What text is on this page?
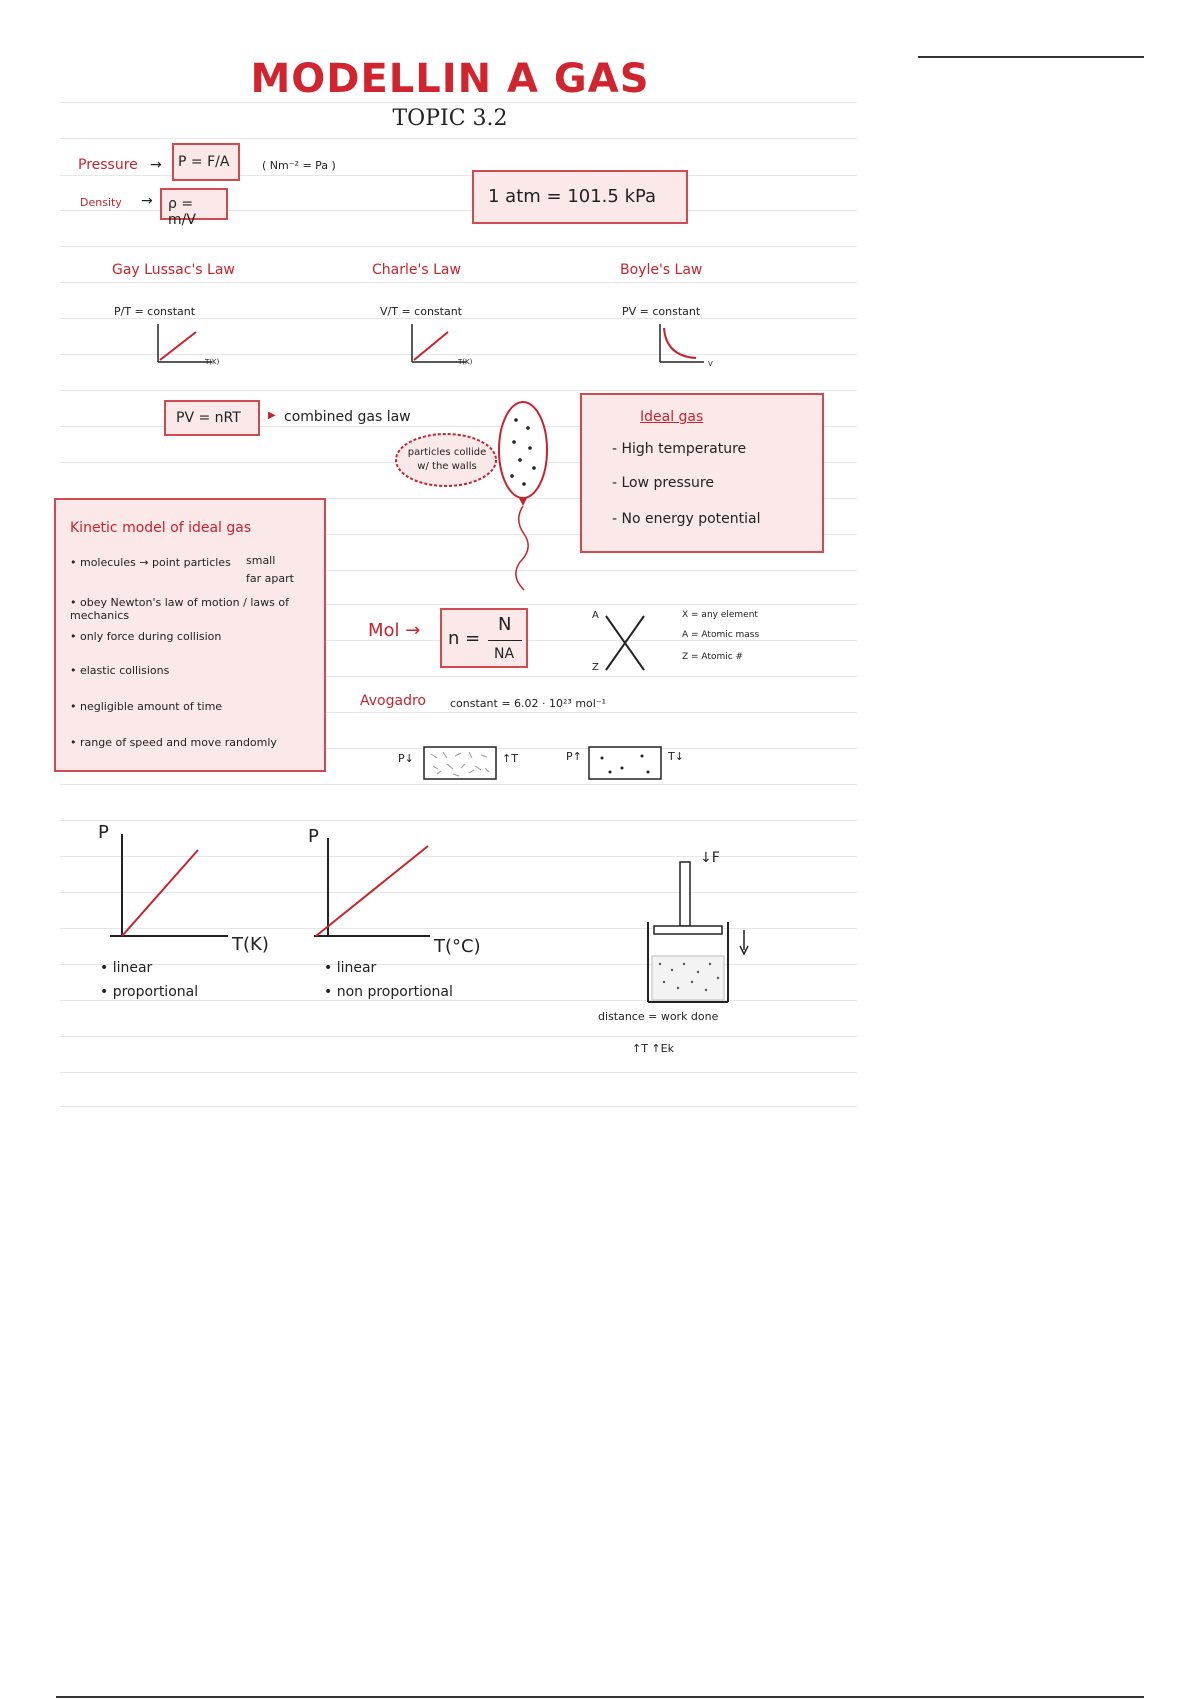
MODELLIN A GAS
TOPIC 3.2
Pressure →	P = F/A	( Nm⁻² = Pa )
Density →	ρ = m/V
1 atm = 101.5 kPa
Gay Lussac's Law
P/T = constant
T(K)
Charle's Law
V/T = constant
T(K)
Boyle's Law
PV = constant
V
PV = nRT	▶ combined gas law
particles collide w/ the walls
Ideal gas
- High temperature
- Low pressure
- No energy potential
Kinetic model of ideal gas
• molecules → point particles
• obey Newton's law of motion / laws of mechanics
• only force during collision
• elastic collisions
• negligible amount of time
• range of speed and move randomly
small
far apart
Mol → n =
N
NA
A
Z
X = any element
A = Atomic mass
Z = Atomic #
Avogadro constant = 6.02 · 10²³ mol⁻¹
P↓	↑T	P↑	T↓
P
T(K)
• linear
• proportional
P
T(°C)
• linear
• non proportional
↓F
distance = work done
↑T ↑Ek
